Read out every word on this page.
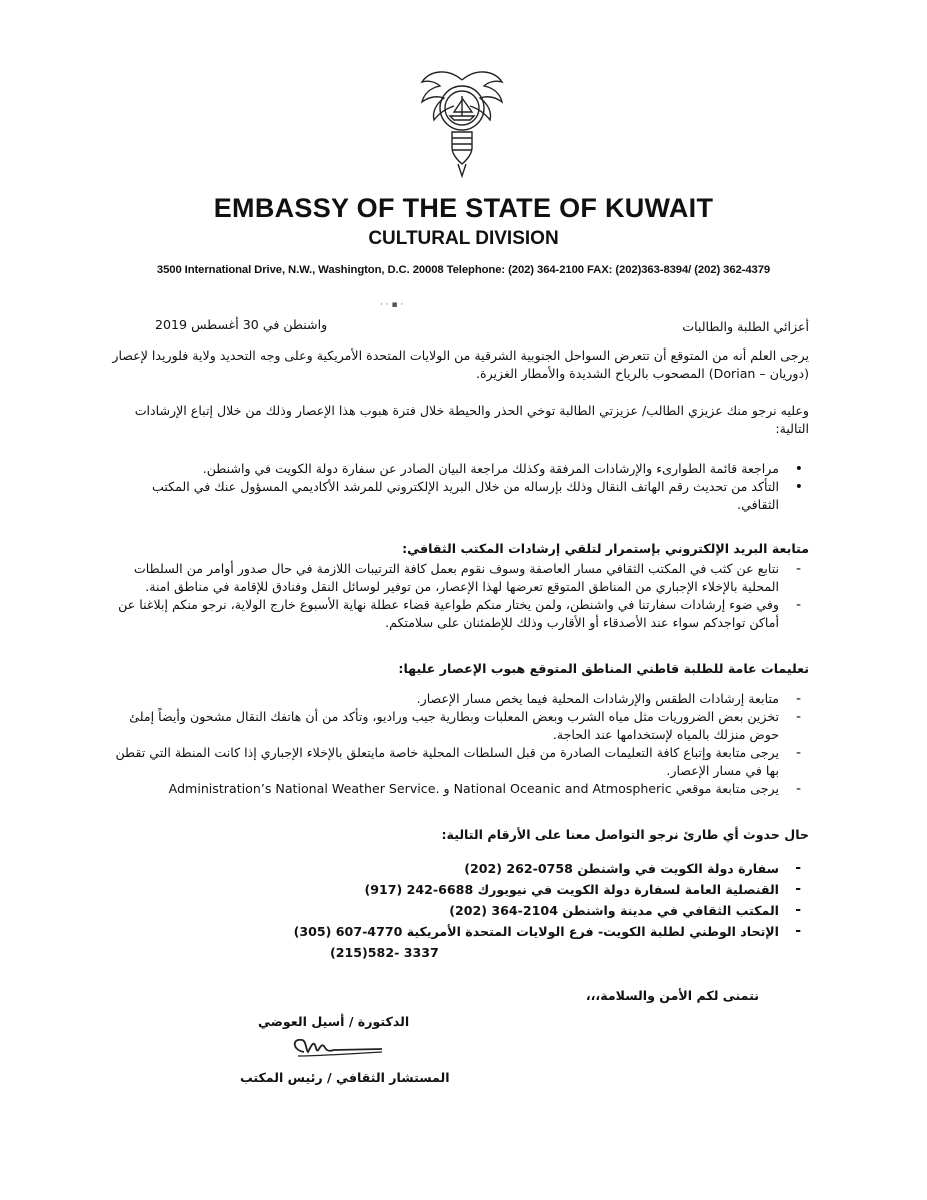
EMBASSY OF THE STATE OF KUWAIT
CULTURAL DIVISION
3500 International Drive, N.W., Washington, D.C. 20008 Telephone: (202) 364-2100 FAX: (202)363-8394/ (202) 362-4379
· · ▪ ·
واشنطن في 30 أغسطس 2019	أعزائي الطلبة والطالبات
يرجى العلم أنه من المتوقع أن تتعرض السواحل الجنوبية الشرقية من الولايات المتحدة الأمريكية وعلى وجه التحديد ولاية فلوريدا لإعصار (دوريان – Dorian) المصحوب بالرياح الشديدة والأمطار الغزيرة.
وعليه نرجو منك عزيزي الطالب/ عزيزتي الطالبة توخي الحذر والحيطة خلال فترة هبوب هذا الإعصار وذلك من خلال إتباع الإرشادات التالية:
• مراجعة قائمة الطوارىء والإرشادات المرفقة وكذلك مراجعة البيان الصادر عن سفارة دولة الكويت في واشنطن.
• التأكد من تحديث رقم الهاتف النقال وذلك بإرساله من خلال البريد الإلكتروني للمرشد الأكاديمي المسؤول عنك في المكتب الثقافي.
متابعة البريد الإلكتروني بإستمرار لتلقي إرشادات المكتب الثقافي:
- نتابع عن كثب في المكتب الثقافي مسار العاصفة وسوف نقوم بعمل كافة الترتيبات اللازمة في حال صدور أوامر من السلطات المحلية بالإخلاء الإجباري من المناطق المتوقع تعرضها لهذا الإعصار، من توفير لوسائل النقل وفنادق للإقامة في مناطق امنة.
- وفي ضوء إرشادات سفارتنا في واشنطن، ولمن يختار منكم طواعية قضاء عطلة نهاية الأسبوع خارج الولاية، نرجو منكم إبلاغنا عن أماكن تواجدكم سواء عند الأصدقاء أو الأقارب وذلك للإطمئنان على سلامتكم.
تعليمات عامة للطلبة قاطني المناطق المتوقع هبوب الإعصار عليها:
- متابعة إرشادات الطقس والإرشادات المحلية فيما يخص مسار الإعصار.
- تخزين بعض الضروريات مثل مياه الشرب وبعض المعلبات وبطارية جيب وراديو، وتأكد من أن هاتفك النقال مشحون وأيضاً إملئ حوض منزلك بالمياه لإستخدامها عند الحاجة.
- يرجى متابعة وإتباع كافة التعليمات الصادرة من قبل السلطات المحلية خاصة مايتعلق بالإخلاء الإجباري إذا كانت المنطة التي تقطن بها في مسار الإعصار.
- يرجى متابعة موقعي National Oceanic and Atmospheric و Administration’s National Weather Service.
حال حدوث أي طارئ نرجو التواصل معنا على الأرقام التالية:
- سفارة دولة الكويت في واشنطن (202) 262-0758
- القنصلية العامة لسفارة دولة الكويت في نيويورك (917) 242-6688
- المكتب الثقافي في مدينة واشنطن (202) 364-2104
- الإتحاد الوطني لطلبة الكويت- فرع الولايات المتحدة الأمريكية (305) 607-4770
(215)582- 3337
نتمنى لكم الأمن والسلامة،،،
الدكتورة / أسيل العوضي
المستشار الثقافي / رئيس المكتب
